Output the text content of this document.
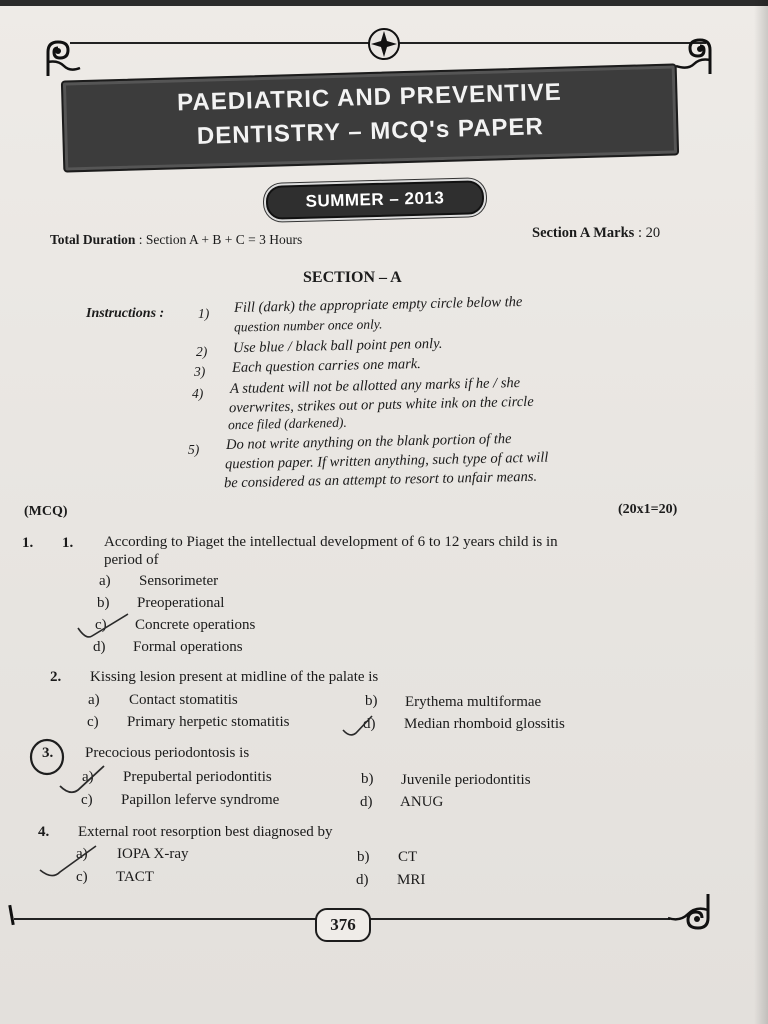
PAEDIATRIC AND PREVENTIVE
DENTISTRY – MCQ's PAPER
SUMMER – 2013
Total Duration : Section A + B + C = 3 Hours	Section A Marks : 20
SECTION – A
Instructions :	1) Fill (dark) the appropriate empty circle below the
question number once only.
2) Use blue / black ball point pen only.
3) Each question carries one mark.
4) A student will not be allotted any marks if he / she
overwrites, strikes out or puts white ink on the circle
once filed (darkened).
5) Do not write anything on the blank portion of the
question paper. If written anything, such type of act will
be considered as an attempt to resort to unfair means.
(MCQ)	(20x1=20)
1. 1. According to Piaget the intellectual development of 6 to 12 years child is in
period of
a) Sensorimeter
b) Preoperational
c) Concrete operations
d) Formal operations
2. Kissing lesion present at midline of the palate is
a) Contact stomatitis	b) Erythema multiformae
c) Primary herpetic stomatitis	d) Median rhomboid glossitis
3. Precocious periodontosis is
a) Prepubertal periodontitis	b) Juvenile periodontitis
c) Papillon leferve syndrome	d) ANUG
4. External root resorption best diagnosed by
a) IOPA X-ray	b) CT
c) TACT	d) MRI
376
